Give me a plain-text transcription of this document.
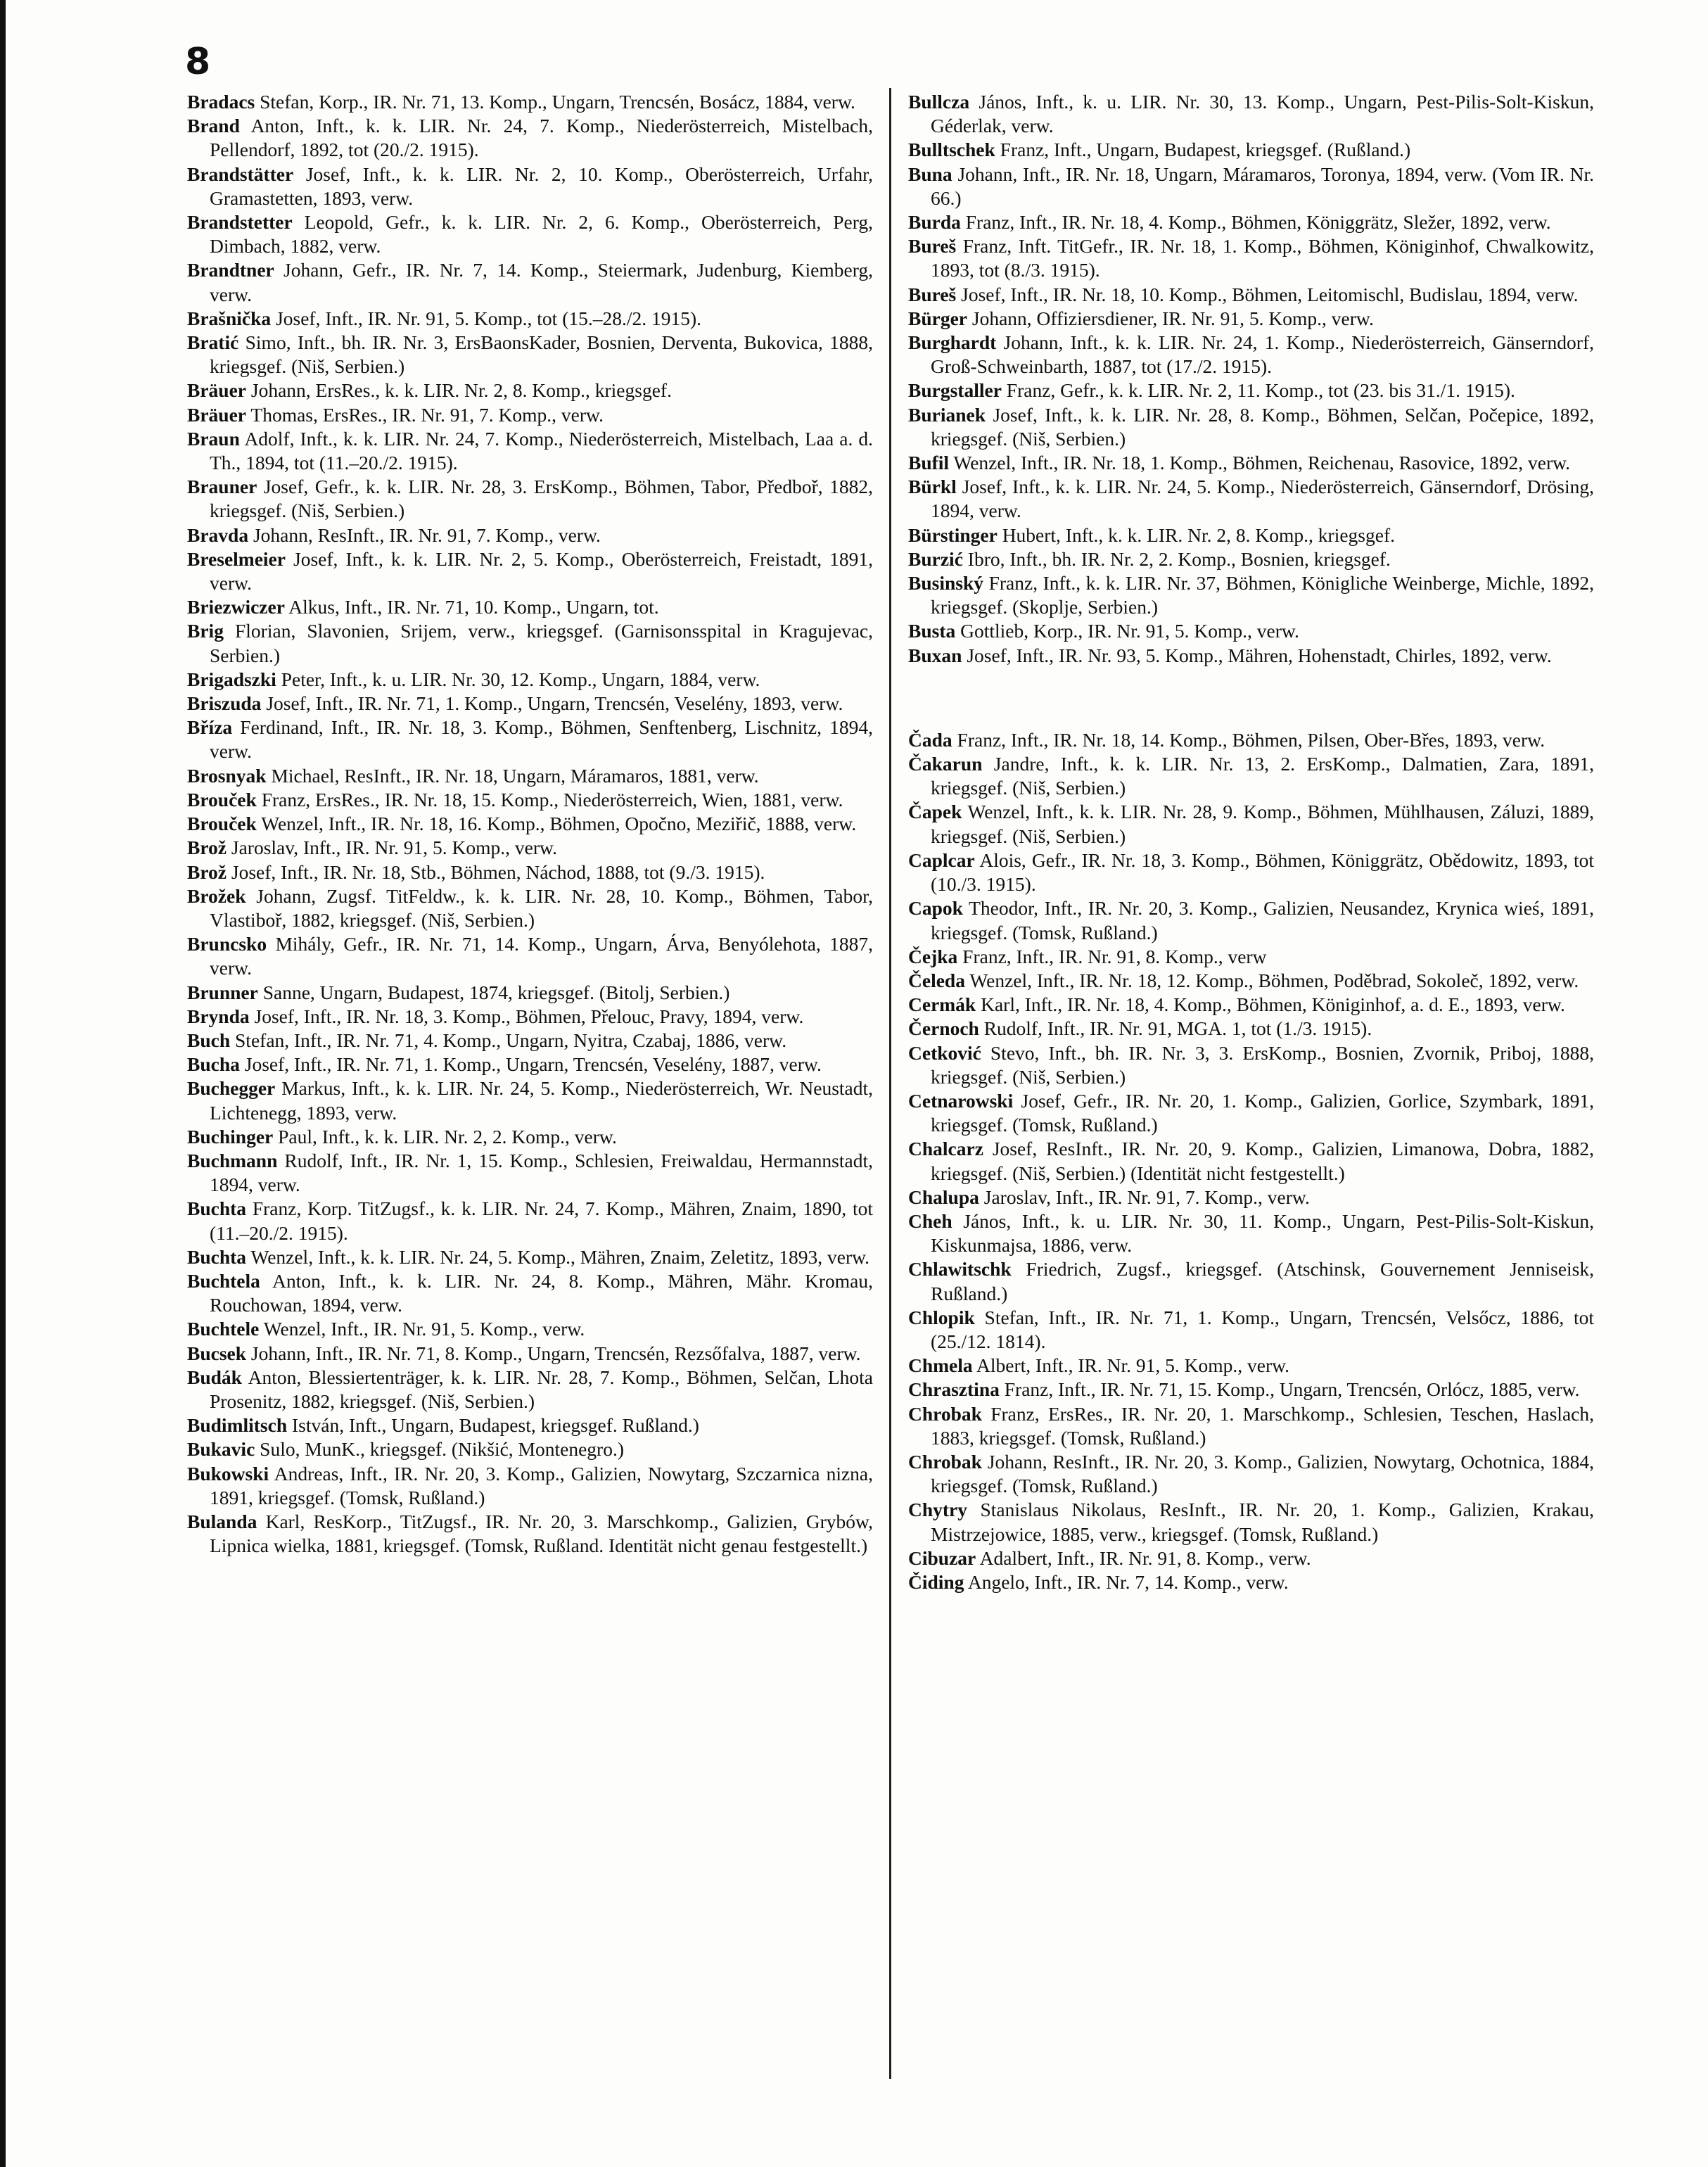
8

Bradacs Stefan, Korp., IR. Nr. 71, 13. Komp., Ungarn, Trencsén, Bosácz, 1884, verw.

Brand Anton, Inft., k. k. LIR. Nr. 24, 7. Komp., Niederösterreich, Mistelbach, Pellendorf, 1892, tot (20./2. 1915).

Brandstätter Josef, Inft., k. k. LIR. Nr. 2, 10. Komp., Oberösterreich, Urfahr, Gramastetten, 1893, verw.

Brandstetter Leopold, Gefr., k. k. LIR. Nr. 2, 6. Komp., Oberösterreich, Perg, Dimbach, 1882, verw.

Brandtner Johann, Gefr., IR. Nr. 7, 14. Komp., Steiermark, Judenburg, Kiemberg, verw.

Brašnička Josef, Inft., IR. Nr. 91, 5. Komp., tot (15.–28./2. 1915).

Bratić Simo, Inft., bh. IR. Nr. 3, ErsBaonsKader, Bosnien, Derventa, Bukovica, 1888, kriegsgef. (Niš, Serbien.)

Bräuer Johann, ErsRes., k. k. LIR. Nr. 2, 8. Komp., kriegsgef.

Bräuer Thomas, ErsRes., IR. Nr. 91, 7. Komp., verw.

Braun Adolf, Inft., k. k. LIR. Nr. 24, 7. Komp., Niederösterreich, Mistelbach, Laa a. d. Th., 1894, tot (11.–20./2. 1915).

Brauner Josef, Gefr., k. k. LIR. Nr. 28, 3. ErsKomp., Böhmen, Tabor, Předboř, 1882, kriegsgef. (Niš, Serbien.)

Bravda Johann, ResInft., IR. Nr. 91, 7. Komp., verw.

Breselmeier Josef, Inft., k. k. LIR. Nr. 2, 5. Komp., Oberösterreich, Freistadt, 1891, verw.

Briezwiczer Alkus, Inft., IR. Nr. 71, 10. Komp., Ungarn, tot.

Brig Florian, Slavonien, Srijem, verw., kriegsgef. (Garnisonsspital in Kragujevac, Serbien.)

Brigadszki Peter, Inft., k. u. LIR. Nr. 30, 12. Komp., Ungarn, 1884, verw.

Briszuda Josef, Inft., IR. Nr. 71, 1. Komp., Ungarn, Trencsén, Veselény, 1893, verw.

Bříza Ferdinand, Inft., IR. Nr. 18, 3. Komp., Böhmen, Senftenberg, Lischnitz, 1894, verw.

Brosnyak Michael, ResInft., IR. Nr. 18, Ungarn, Máramaros, 1881, verw.

Brouček Franz, ErsRes., IR. Nr. 18, 15. Komp., Niederösterreich, Wien, 1881, verw.

Brouček Wenzel, Inft., IR. Nr. 18, 16. Komp., Böhmen, Opočno, Meziřič, 1888, verw.

Brož Jaroslav, Inft., IR. Nr. 91, 5. Komp., verw.

Brož Josef, Inft., IR. Nr. 18, Stb., Böhmen, Náchod, 1888, tot (9./3. 1915).

Brožek Johann, Zugsf. TitFeldw., k. k. LIR. Nr. 28, 10. Komp., Böhmen, Tabor, Vlastiboř, 1882, kriegsgef. (Niš, Serbien.)

Bruncsko Mihály, Gefr., IR. Nr. 71, 14. Komp., Ungarn, Árva, Benyólehota, 1887, verw.

Brunner Sanne, Ungarn, Budapest, 1874, kriegsgef. (Bitolj, Serbien.)

Brynda Josef, Inft., IR. Nr. 18, 3. Komp., Böhmen, Přelouc, Pravy, 1894, verw.

Buch Stefan, Inft., IR. Nr. 71, 4. Komp., Ungarn, Nyitra, Czabaj, 1886, verw.

Bucha Josef, Inft., IR. Nr. 71, 1. Komp., Ungarn, Trencsén, Veselény, 1887, verw.

Buchegger Markus, Inft., k. k. LIR. Nr. 24, 5. Komp., Niederösterreich, Wr. Neustadt, Lichtenegg, 1893, verw.

Buchinger Paul, Inft., k. k. LIR. Nr. 2, 2. Komp., verw.

Buchmann Rudolf, Inft., IR. Nr. 1, 15. Komp., Schlesien, Freiwaldau, Hermannstadt, 1894, verw.

Buchta Franz, Korp. TitZugsf., k. k. LIR. Nr. 24, 7. Komp., Mähren, Znaim, 1890, tot (11.–20./2. 1915).

Buchta Wenzel, Inft., k. k. LIR. Nr. 24, 5. Komp., Mähren, Znaim, Zeletitz, 1893, verw.

Buchtela Anton, Inft., k. k. LIR. Nr. 24, 8. Komp., Mähren, Mähr. Kromau, Rouchowan, 1894, verw.

Buchtele Wenzel, Inft., IR. Nr. 91, 5. Komp., verw.

Bucsek Johann, Inft., IR. Nr. 71, 8. Komp., Ungarn, Trencsén, Rezsőfalva, 1887, verw.

Budák Anton, Blessiertenträger, k. k. LIR. Nr. 28, 7. Komp., Böhmen, Selčan, Lhota Prosenitz, 1882, kriegsgef. (Niš, Serbien.)

Budimlitsch István, Inft., Ungarn, Budapest, kriegsgef. Rußland.)

Bukavic Sulo, MunK., kriegsgef. (Nikšić, Montenegro.)

Bukowski Andreas, Inft., IR. Nr. 20, 3. Komp., Galizien, Nowytarg, Szczarnica nizna, 1891, kriegsgef. (Tomsk, Rußland.)

Bulanda Karl, ResKorp., TitZugsf., IR. Nr. 20, 3. Marschkomp., Galizien, Grybów, Lipnica wielka, 1881, kriegsgef. (Tomsk, Rußland. Identität nicht genau festgestellt.)

Bullcza János, Inft., k. u. LIR. Nr. 30, 13. Komp., Ungarn, Pest-Pilis-Solt-Kiskun, Géderlak, verw.

Bulltschek Franz, Inft., Ungarn, Budapest, kriegsgef. (Rußland.)

Buna Johann, Inft., IR. Nr. 18, Ungarn, Máramaros, Toronya, 1894, verw. (Vom IR. Nr. 66.)

Burda Franz, Inft., IR. Nr. 18, 4. Komp., Böhmen, Königgrätz, Sležer, 1892, verw.

Bureš Franz, Inft. TitGefr., IR. Nr. 18, 1. Komp., Böhmen, Königinhof, Chwalkowitz, 1893, tot (8./3. 1915).

Bureš Josef, Inft., IR. Nr. 18, 10. Komp., Böhmen, Leitomischl, Budislau, 1894, verw.

Bürger Johann, Offiziersdiener, IR. Nr. 91, 5. Komp., verw.

Burghardt Johann, Inft., k. k. LIR. Nr. 24, 1. Komp., Niederösterreich, Gänserndorf, Groß-Schweinbarth, 1887, tot (17./2. 1915).

Burgstaller Franz, Gefr., k. k. LIR. Nr. 2, 11. Komp., tot (23. bis 31./1. 1915).

Burianek Josef, Inft., k. k. LIR. Nr. 28, 8. Komp., Böhmen, Selčan, Počepice, 1892, kriegsgef. (Niš, Serbien.)

Bufil Wenzel, Inft., IR. Nr. 18, 1. Komp., Böhmen, Reichenau, Rasovice, 1892, verw.

Bürkl Josef, Inft., k. k. LIR. Nr. 24, 5. Komp., Niederösterreich, Gänserndorf, Drösing, 1894, verw.

Bürstinger Hubert, Inft., k. k. LIR. Nr. 2, 8. Komp., kriegsgef.

Burzić Ibro, Inft., bh. IR. Nr. 2, 2. Komp., Bosnien, kriegsgef.

Businský Franz, Inft., k. k. LIR. Nr. 37, Böhmen, Königliche Weinberge, Michle, 1892, kriegsgef. (Skoplje, Serbien.)

Busta Gottlieb, Korp., IR. Nr. 91, 5. Komp., verw.

Buxan Josef, Inft., IR. Nr. 93, 5. Komp., Mähren, Hohenstadt, Chirles, 1892, verw.

Čada Franz, Inft., IR. Nr. 18, 14. Komp., Böhmen, Pilsen, Ober-Břes, 1893, verw.

Čakarun Jandre, Inft., k. k. LIR. Nr. 13, 2. ErsKomp., Dalmatien, Zara, 1891, kriegsgef. (Niš, Serbien.)

Čapek Wenzel, Inft., k. k. LIR. Nr. 28, 9. Komp., Böhmen, Mühlhausen, Záluzi, 1889, kriegsgef. (Niš, Serbien.)

Caplcar Alois, Gefr., IR. Nr. 18, 3. Komp., Böhmen, Königgrätz, Obědowitz, 1893, tot (10./3. 1915).

Capok Theodor, Inft., IR. Nr. 20, 3. Komp., Galizien, Neusandez, Krynica wieś, 1891, kriegsgef. (Tomsk, Rußland.)

Čejka Franz, Inft., IR. Nr. 91, 8. Komp., verw

Čeleda Wenzel, Inft., IR. Nr. 18, 12. Komp., Böhmen, Poděbrad, Sokoleč, 1892, verw.

Cermák Karl, Inft., IR. Nr. 18, 4. Komp., Böhmen, Königinhof, a. d. E., 1893, verw.

Černoch Rudolf, Inft., IR. Nr. 91, MGA. 1, tot (1./3. 1915).

Cetković Stevo, Inft., bh. IR. Nr. 3, 3. ErsKomp., Bosnien, Zvornik, Priboj, 1888, kriegsgef. (Niš, Serbien.)

Cetnarowski Josef, Gefr., IR. Nr. 20, 1. Komp., Galizien, Gorlice, Szymbark, 1891, kriegsgef. (Tomsk, Rußland.)

Chalcarz Josef, ResInft., IR. Nr. 20, 9. Komp., Galizien, Limanowa, Dobra, 1882, kriegsgef. (Niš, Serbien.) (Identität nicht festgestellt.)

Chalupa Jaroslav, Inft., IR. Nr. 91, 7. Komp., verw.

Cheh János, Inft., k. u. LIR. Nr. 30, 11. Komp., Ungarn, Pest-Pilis-Solt-Kiskun, Kiskunmajsa, 1886, verw.

Chlawitschk Friedrich, Zugsf., kriegsgef. (Atschinsk, Gouvernement Jenniseisk, Rußland.)

Chlopik Stefan, Inft., IR. Nr. 71, 1. Komp., Ungarn, Trencsén, Velsőcz, 1886, tot (25./12. 1814).

Chmela Albert, Inft., IR. Nr. 91, 5. Komp., verw.

Chrasztina Franz, Inft., IR. Nr. 71, 15. Komp., Ungarn, Trencsén, Orlócz, 1885, verw.

Chrobak Franz, ErsRes., IR. Nr. 20, 1. Marschkomp., Schlesien, Teschen, Haslach, 1883, kriegsgef. (Tomsk, Rußland.)

Chrobak Johann, ResInft., IR. Nr. 20, 3. Komp., Galizien, Nowytarg, Ochotnica, 1884, kriegsgef. (Tomsk, Rußland.)

Chytry Stanislaus Nikolaus, ResInft., IR. Nr. 20, 1. Komp., Galizien, Krakau, Mistrzejowice, 1885, verw., kriegsgef. (Tomsk, Rußland.)

Cibuzar Adalbert, Inft., IR. Nr. 91, 8. Komp., verw.

Čiding Angelo, Inft., IR. Nr. 7, 14. Komp., verw.
